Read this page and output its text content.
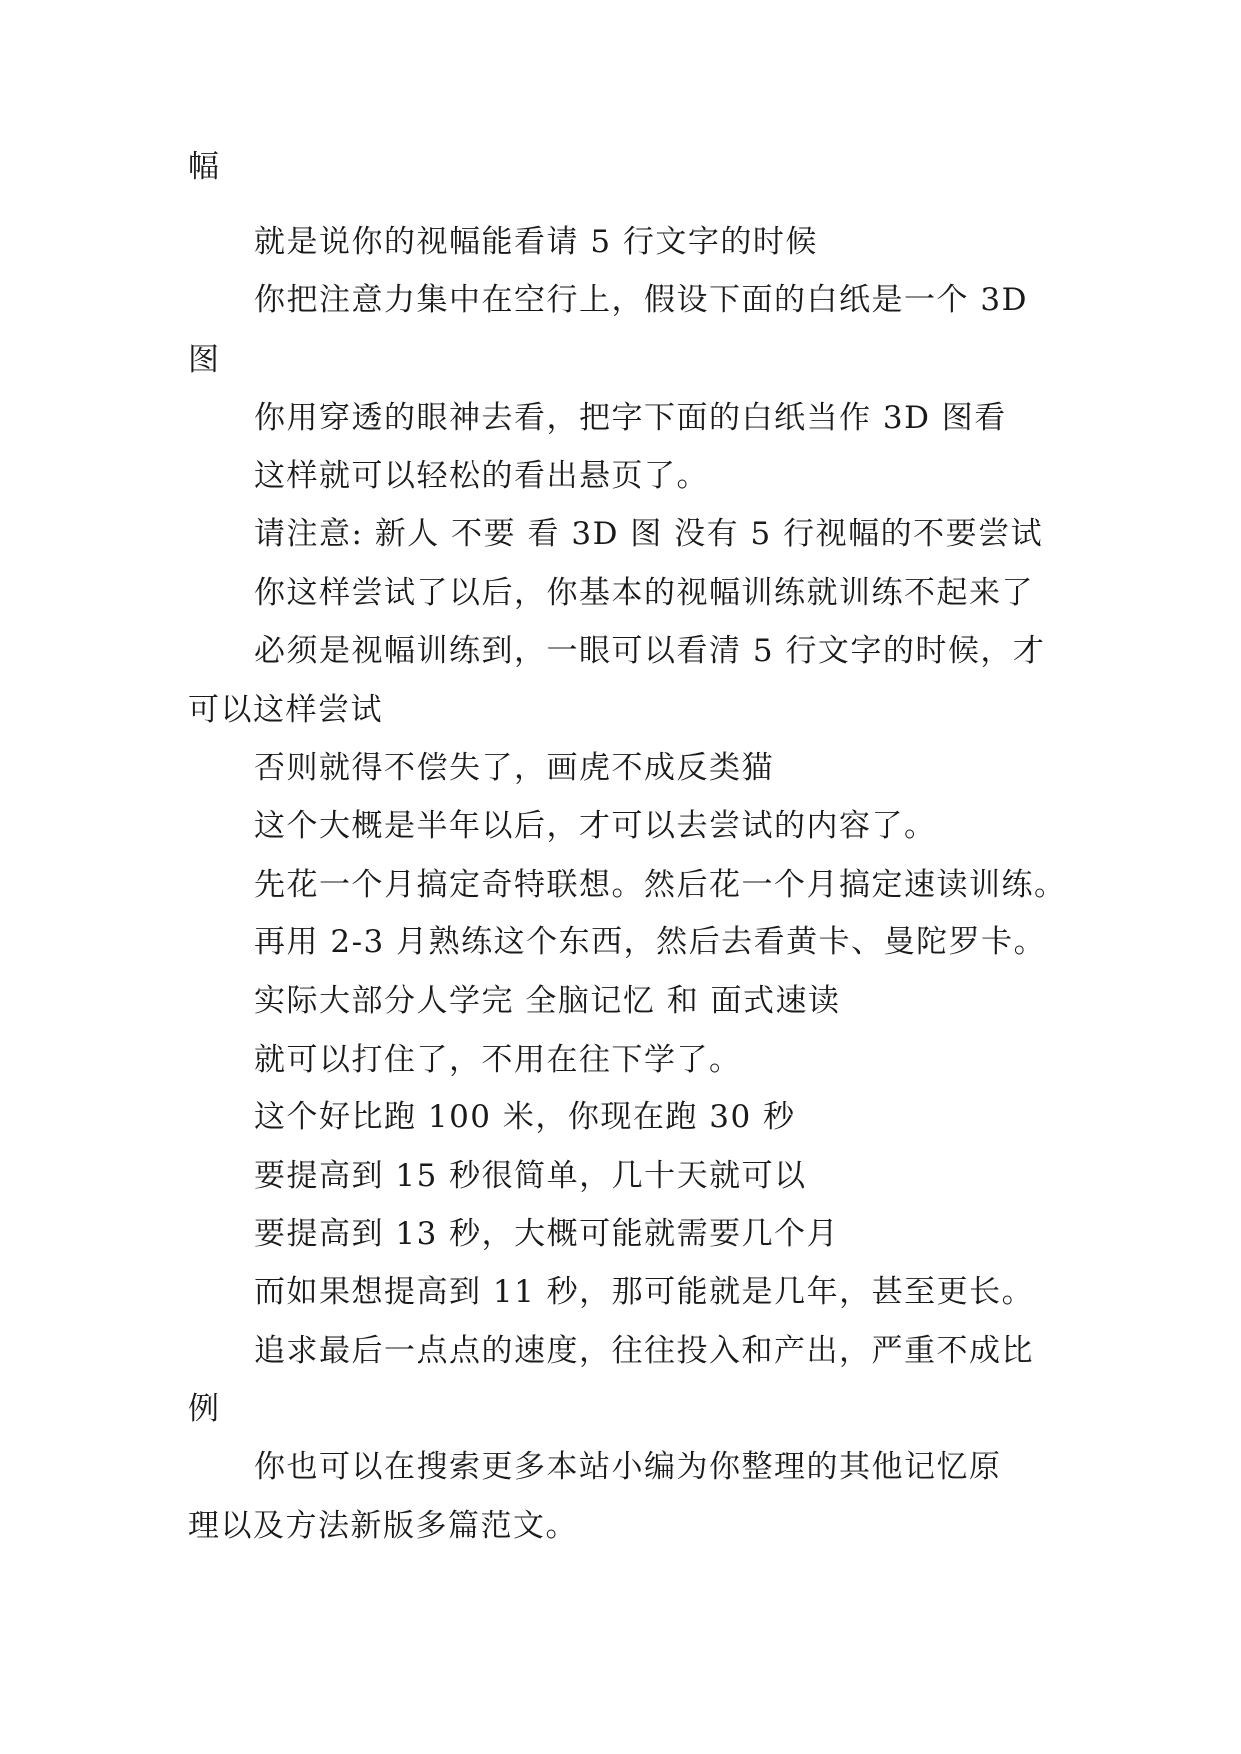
幅
就是说你的视幅能看请 5 行文字的时候
你把注意力集中在空行上，假设下面的白纸是一个 3D
图
你用穿透的眼神去看，把字下面的白纸当作 3D 图看
这样就可以轻松的看出悬页了。
请注意: 新人 不要 看 3D 图 没有 5 行视幅的不要尝试
你这样尝试了以后，你基本的视幅训练就训练不起来了
必须是视幅训练到，一眼可以看清 5 行文字的时候，才
可以这样尝试
否则就得不偿失了，画虎不成反类猫
这个大概是半年以后，才可以去尝试的内容了。
先花一个月搞定奇特联想。然后花一个月搞定速读训练。
再用 2-3 月熟练这个东西，然后去看黄卡、曼陀罗卡。
实际大部分人学完 全脑记忆 和 面式速读
就可以打住了，不用在往下学了。
这个好比跑 100 米，你现在跑 30 秒
要提高到 15 秒很简单，几十天就可以
要提高到 13 秒，大概可能就需要几个月
而如果想提高到 11 秒，那可能就是几年，甚至更长。
追求最后一点点的速度，往往投入和产出，严重不成比
例
你也可以在搜索更多本站小编为你整理的其他记忆原
理以及方法新版多篇范文。
